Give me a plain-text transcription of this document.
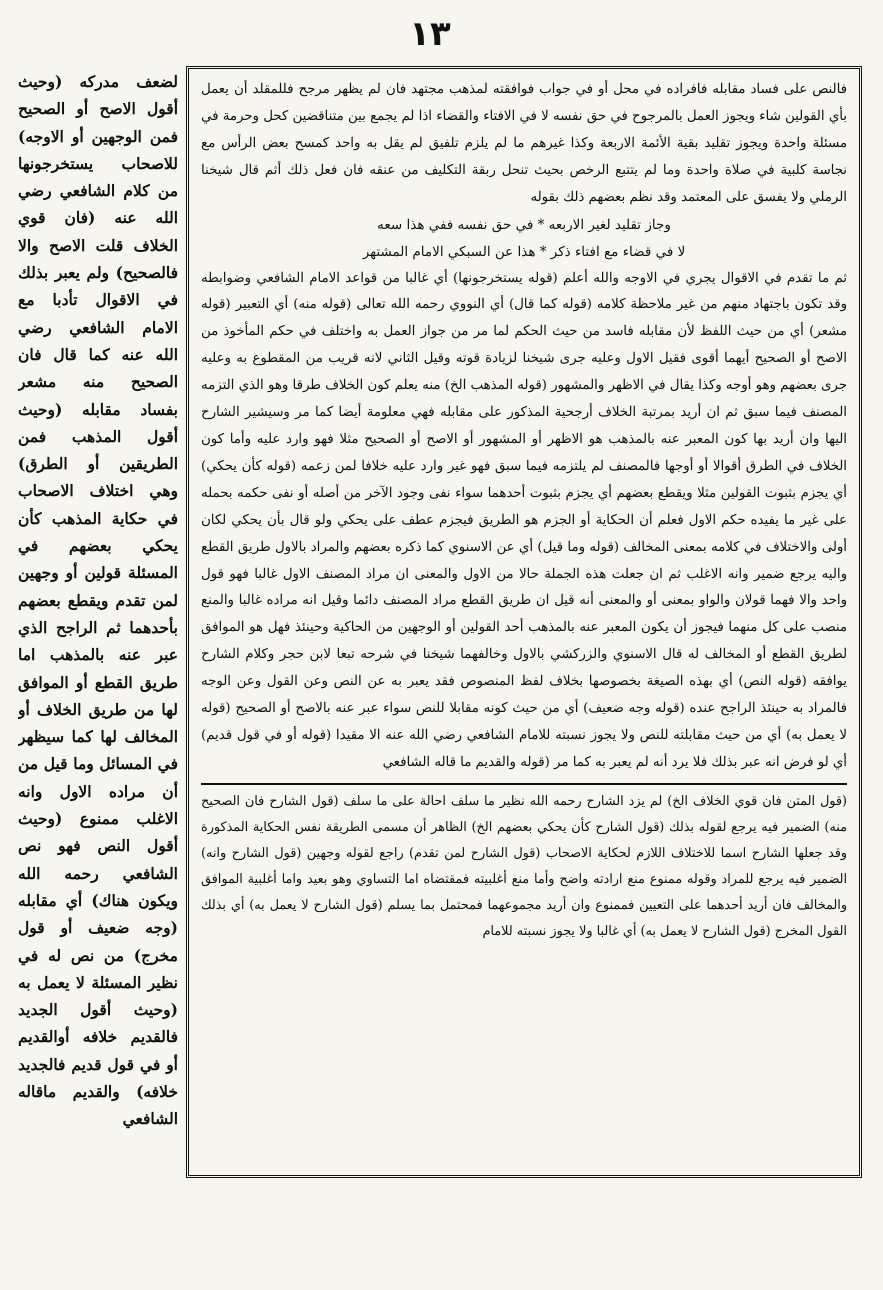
١٣

لضعف مدركه (وحيث أقول الاصح أو الصحيح فمن الوجهين أو الاوجه) للاصحاب يستخرجونها من كلام الشافعي رضي الله عنه (فان قوي الخلاف قلت الاصح والا فالصحيح) ولم يعبر بذلك في الاقوال تأدبا مع الامام الشافعي رضي الله عنه كما قال فان الصحيح منه مشعر بفساد مقابله (وحيث أقول المذهب فمن الطريقين أو الطرق) وهي اختلاف الاصحاب في حكاية المذهب كأن يحكي بعضهم في المسئلة قولين أو وجهين لمن تقدم ويقطع بعضهم بأحدهما ثم الراجح الذي عبر عنه بالمذهب اما طريق القطع أو الموافق لها من طريق الخلاف أو المخالف لها كما سيظهر في المسائل وما قيل من أن مراده الاول وانه الاغلب ممنوع (وحيث أقول النص فهو نص الشافعي رحمه الله ويكون هناك) أي مقابله (وجه ضعيف أو قول مخرج) من نص له في نظير المسئلة لا يعمل به (وحيث أقول الجديد فالقديم خلافه أوالقديم أو في قول قديم فالجديد خلافه) والقديم ماقاله الشافعي

فالنص على فساد مقابله فافراده في محل أو في جواب فوافقته لمذهب مجتهد فان لم يظهر مرجح فللمقلد أن يعمل بأي القولين شاء ويجوز العمل بالمرجوح في حق نفسه لا في الافتاء والقضاء اذا لم يجمع بين متناقضين كحل وحرمة في مسئلة واحدة ويجوز تقليد بقية الأئمة الاربعة وكذا غيرهم ما لم يلزم تلفيق لم يقل به واحد كمسح بعض الرأس مع نجاسة كلبية في صلاة واحدة وما لم يتتبع الرخص بحيث تنحل ربقة التكليف من عنقه فان فعل ذلك أثم قال شيخنا الرملي ولا يفسق على المعتمد وقد نظم بعضهم ذلك بقوله

وجاز تقليد لغير الاربعه * في حق نفسه ففي هذا سعه

لا في قضاء مع افتاء ذكر * هذا عن السبكي الامام المشتهر

ثم ما تقدم في الاقوال يجري في الاوجه والله أعلم (قوله يستخرجونها) أي غالبا من قواعد الامام الشافعي وضوابطه وقد تكون باجتهاد منهم من غير ملاحظة كلامه (قوله كما قال) أي النووي رحمه الله تعالى (قوله منه) أي التعبير (قوله مشعر) أي من حيث اللفظ لأن مقابله فاسد من حيث الحكم لما مر من جواز العمل به واختلف في حكم المأخوذ من الاصح أو الصحيح أيهما أقوى فقيل الاول وعليه جرى شيخنا لزيادة قوته وقيل الثاني لانه قريب من المقطوع به وعليه جرى بعضهم وهو أوجه وكذا يقال في الاظهر والمشهور (قوله المذهب الخ) منه يعلم كون الخلاف طرقا وهو الذي التزمه المصنف فيما سبق ثم ان أريد بمرتبة الخلاف أرجحية المذكور على مقابله فهي معلومة أيضا كما مر وسيشير الشارح اليها وان أريد بها كون المعبر عنه بالمذهب هو الاظهر أو المشهور أو الاصح أو الصحيح مثلا فهو وارد عليه وأما كون الخلاف في الطرق أقوالا أو أوجها فالمصنف لم يلتزمه فيما سبق فهو غير وارد عليه خلافا لمن زعمه (قوله كأن يحكي) أي يجزم بثبوت القولين مثلا ويقطع بعضهم أي يجزم بثبوت أحدهما سواء نفى وجود الآخر من أصله أو نفى حكمه بحمله على غير ما يفيده حكم الاول فعلم أن الحكاية أو الجزم هو الطريق فيجزم عطف على يحكي ولو قال بأن يحكي لكان أولى والاختلاف في كلامه بمعنى المخالف (قوله وما قيل) أي عن الاسنوي كما ذكره بعضهم والمراد بالاول طريق القطع واليه يرجع ضمير وانه الاغلب ثم ان جعلت هذه الجملة حالا من الاول والمعنى ان مراد المصنف الاول غالبا فهو قول واحد والا فهما قولان والواو بمعنى أو والمعنى أنه قيل ان طريق القطع مراد المصنف دائما وقيل انه مراده غالبا والمنع منصب على كل منهما فيجوز أن يكون المعبر عنه بالمذهب أحد القولين أو الوجهين من الحاكية وحينئذ فهل هو الموافق لطريق القطع أو المخالف له قال الاسنوي والزركشي بالاول وخالفهما شيخنا في شرحه تبعا لابن حجر وكلام الشارح يوافقه (قوله النص) أي بهذه الصيغة بخصوصها بخلاف لفظ المنصوص فقد يعبر به عن النص وعن القول وعن الوجه فالمراد به حينئذ الراجح عنده (قوله وجه ضعيف) أي من حيث كونه مقابلا للنص سواء عبر عنه بالاصح أو الصحيح (قوله لا يعمل به) أي من حيث مقابلته للنص ولا يجوز نسبته للامام الشافعي رضي الله عنه الا مقيدا (قوله أو في قول قديم) أي لو فرض انه عبر بذلك فلا يرد أنه لم يعبر به كما مر (قوله والقديم ما قاله الشافعي

(قول المتن فان قوي الخلاف الخ) لم يزد الشارح رحمه الله نظير ما سلف احالة على ما سلف (قول الشارح فان الصحيح منه) الضمير فيه يرجع لقوله بذلك (قول الشارح كأن يحكي بعضهم الخ) الظاهر أن مسمى الطريقة نفس الحكاية المذكورة وقد جعلها الشارح اسما للاختلاف اللازم لحكاية الاصحاب (قول الشارح لمن تقدم) راجع لقوله وجهين (قول الشارح وانه) الضمير فيه يرجع للمراد وقوله ممنوع منع ارادته واضح وأما منع أغلبيته فمقتضاه اما التساوي وهو بعيد واما أغلبية الموافق والمخالف فان أريد أحدهما على التعيين فممنوع وان أريد مجموعهما فمحتمل بما يسلم (قول الشارح لا يعمل به) أي بذلك القول المخرج (قول الشارح لا يعمل به) أي غالبا ولا يجوز نسبته للامام
